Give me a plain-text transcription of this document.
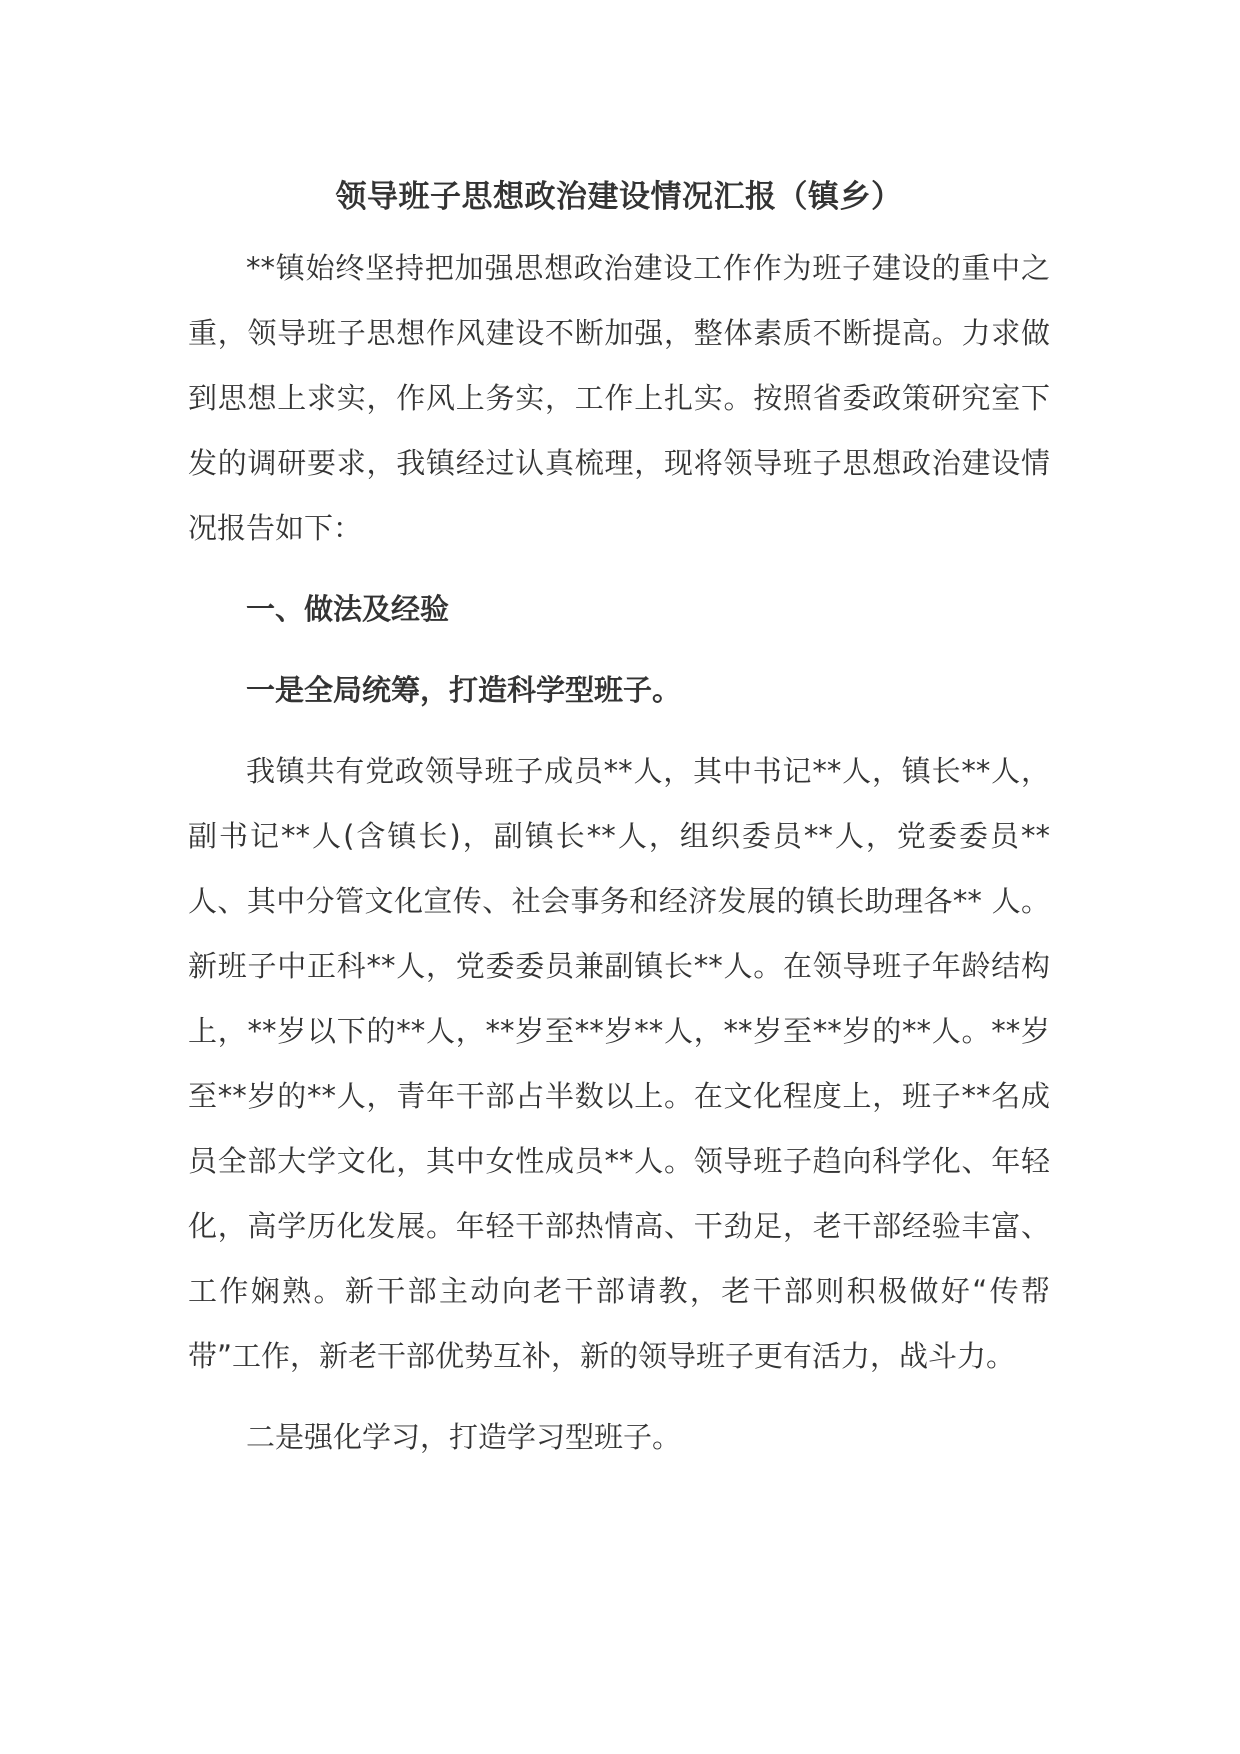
领导班子思想政治建设情况汇报（镇乡）

**镇始终坚持把加强思想政治建设工作作为班子建设的重中之重，领导班子思想作风建设不断加强，整体素质不断提高。力求做到思想上求实，作风上务实，工作上扎实。按照省委政策研究室下发的调研要求，我镇经过认真梳理，现将领导班子思想政治建设情况报告如下：

一、做法及经验

一是全局统筹，打造科学型班子。

我镇共有党政领导班子成员**人，其中书记**人，镇长**人，副书记**人(含镇长)，副镇长**人，组织委员**人，党委委员**人、其中分管文化宣传、社会事务和经济发展的镇长助理各** 人。新班子中正科**人，党委委员兼副镇长**人。在领导班子年龄结构上，**岁以下的**人，**岁至**岁**人，**岁至**岁的**人。**岁至**岁的**人，青年干部占半数以上。在文化程度上，班子**名成员全部大学文化，其中女性成员**人。领导班子趋向科学化、年轻化，高学历化发展。年轻干部热情高、干劲足，老干部经验丰富、工作娴熟。新干部主动向老干部请教，老干部则积极做好“传帮带”工作，新老干部优势互补，新的领导班子更有活力，战斗力。

二是强化学习，打造学习型班子。
